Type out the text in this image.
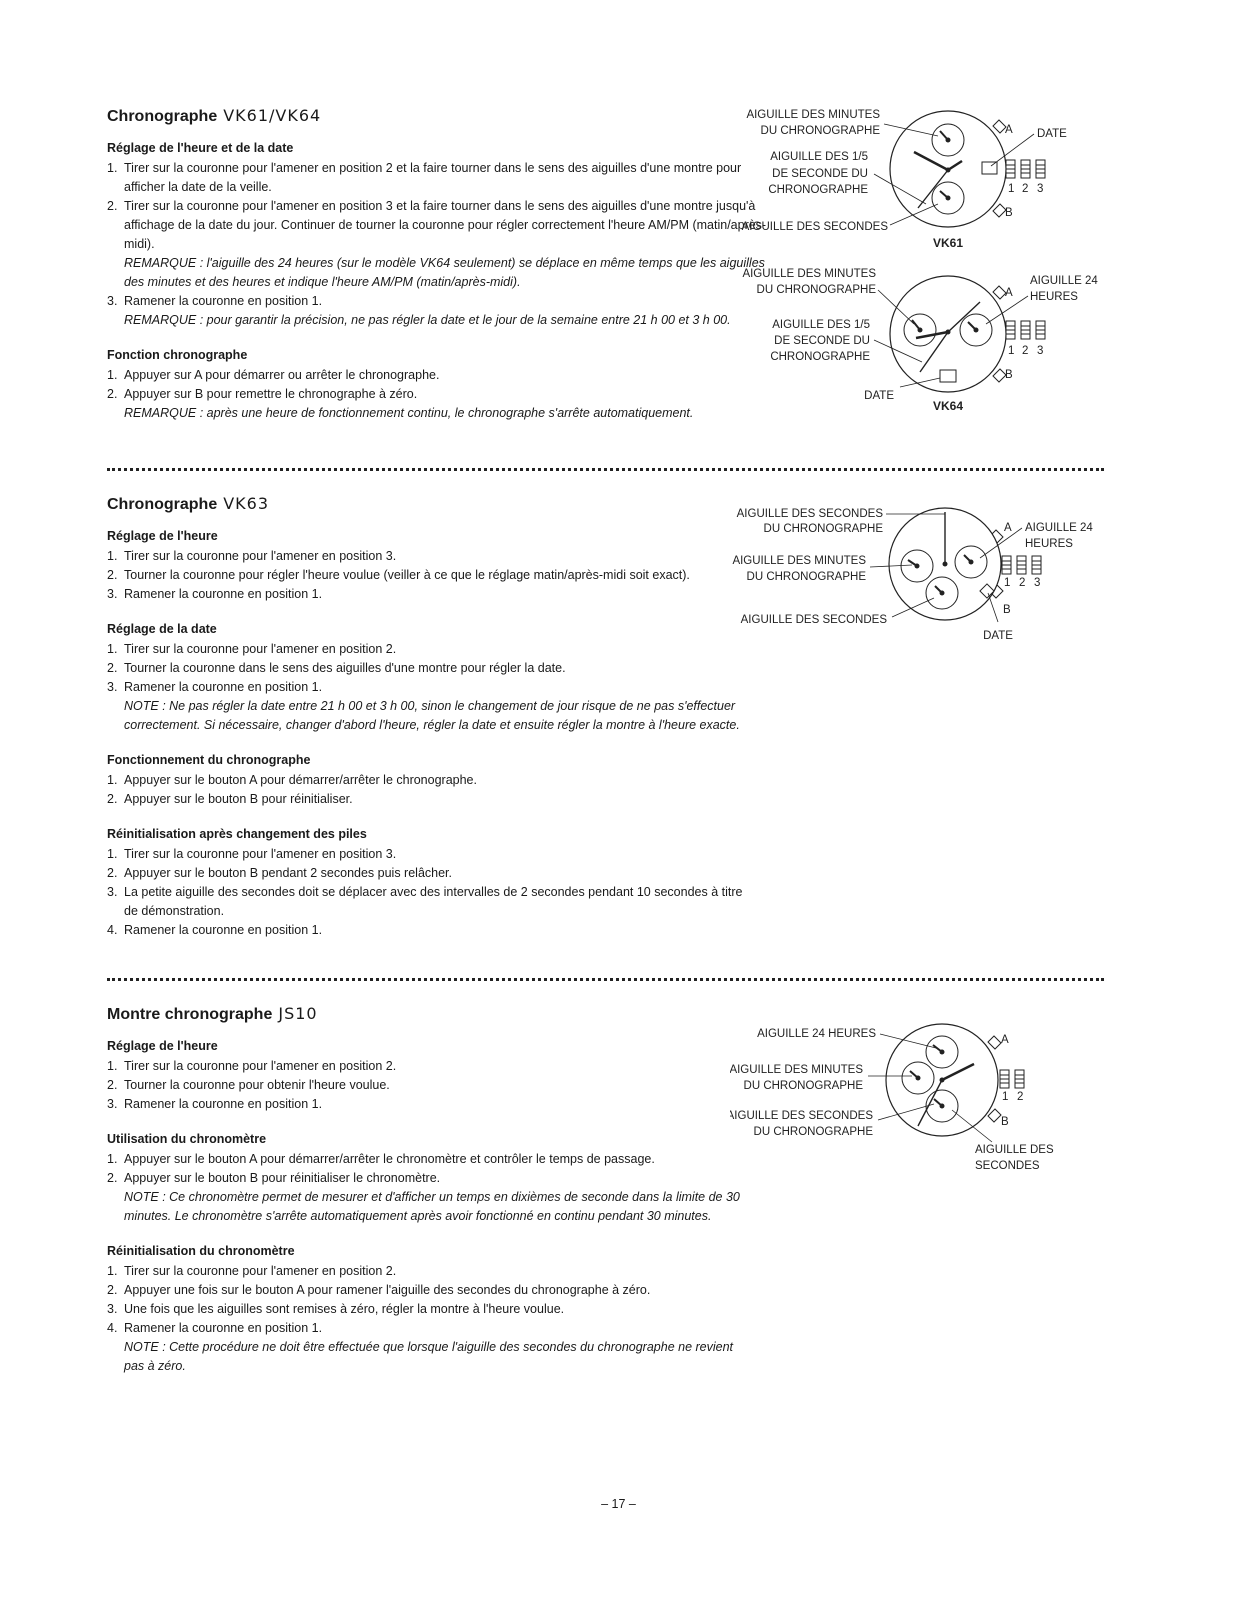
Chronographe VK61/VK64
Réglage de l'heure et de la date
1. Tirer sur la couronne pour l'amener en position 2 et la faire tourner dans le sens des aiguilles d'une montre pour afficher la date de la veille.
2. Tirer sur la couronne pour l'amener en position 3 et la faire tourner dans le sens des aiguilles d'une montre jusqu'à affichage de la date du jour. Continuer de tourner la couronne pour régler correctement l'heure AM/PM (matin/après-midi).
REMARQUE : l'aiguille des 24 heures (sur le modèle VK64 seulement) se déplace en même temps que les aiguilles des minutes et des heures et indique l'heure AM/PM (matin/après-midi).
3. Ramener la couronne en position 1.
REMARQUE : pour garantir la précision, ne pas régler la date et le jour de la semaine entre 21 h 00 et 3 h 00.
Fonction chronographe
1. Appuyer sur A pour démarrer ou arrêter le chronographe.
2. Appuyer sur B pour remettre le chronographe à zéro.
REMARQUE : après une heure de fonctionnement continu, le chronographe s'arrête automatiquement.
Chronographe VK63
Réglage de l'heure
1. Tirer sur la couronne pour l'amener en position 3.
2. Tourner la couronne pour régler l'heure voulue (veiller à ce que le réglage matin/après-midi soit exact).
3. Ramener la couronne en position 1.
Réglage de la date
1. Tirer sur la couronne pour l'amener en position 2.
2. Tourner la couronne dans le sens des aiguilles d'une montre pour régler la date.
3. Ramener la couronne en position 1.
NOTE : Ne pas régler la date entre 21 h 00 et 3 h 00, sinon le changement de jour risque de ne pas s'effectuer correctement. Si nécessaire, changer d'abord l'heure, régler la date et ensuite régler la montre à l'heure exacte.
Fonctionnement du chronographe
1. Appuyer sur le bouton A pour démarrer/arrêter le chronographe.
2. Appuyer sur le bouton B pour réinitialiser.
Réinitialisation après changement des piles
1. Tirer sur la couronne pour l'amener en position 3.
2. Appuyer sur le bouton B pendant 2 secondes puis relâcher.
3. La petite aiguille des secondes doit se déplacer avec des intervalles de 2 secondes pendant 10 secondes à titre de démonstration.
4. Ramener la couronne en position 1.
Montre chronographe JS10
Réglage de l'heure
1. Tirer sur la couronne pour l'amener en position 2.
2. Tourner la couronne pour obtenir l'heure voulue.
3. Ramener la couronne en position 1.
Utilisation du chronomètre
1. Appuyer sur le bouton A pour démarrer/arrêter le chronomètre et contrôler le temps de passage.
2. Appuyer sur le bouton B pour réinitialiser le chronomètre.
NOTE : Ce chronomètre permet de mesurer et d'afficher un temps en dixièmes de seconde dans la limite de 30 minutes. Le chronomètre s'arrête automatiquement après avoir fonctionné en continu pendant 30 minutes.
Réinitialisation du chronomètre
1. Tirer sur la couronne pour l'amener en position 2.
2. Appuyer une fois sur le bouton A pour ramener l'aiguille des secondes du chronographe à zéro.
3. Une fois que les aiguilles sont remises à zéro, régler la montre à l'heure voulue.
4. Ramener la couronne en position 1.
NOTE : Cette procédure ne doit être effectuée que lorsque l'aiguille des secondes du chronographe ne revient pas à zéro.
AIGUILLE DES MINUTES
DU CHRONOGRAPHE
AIGUILLE DES 1/5
DE SECONDE DU
CHRONOGRAPHE
AIGUILLE DES SECONDES
DATE
A
B
1 2 3
VK61
AIGUILLE DES MINUTES
DU CHRONOGRAPHE
AIGUILLE DES 1/5
DE SECONDE DU
CHRONOGRAPHE
AIGUILLE 24
HEURES
DATE
A
B
1 2 3
VK64
AIGUILLE DES SECONDES
DU CHRONOGRAPHE
AIGUILLE DES MINUTES
DU CHRONOGRAPHE
AIGUILLE DES SECONDES
AIGUILLE 24
HEURES
DATE
A
B
1 2 3
AIGUILLE 24 HEURES
AIGUILLE DES MINUTES
DU CHRONOGRAPHE
AIGUILLE DES SECONDES
DU CHRONOGRAPHE
AIGUILLE DES
SECONDES
A
B
1 2
– 17 –
